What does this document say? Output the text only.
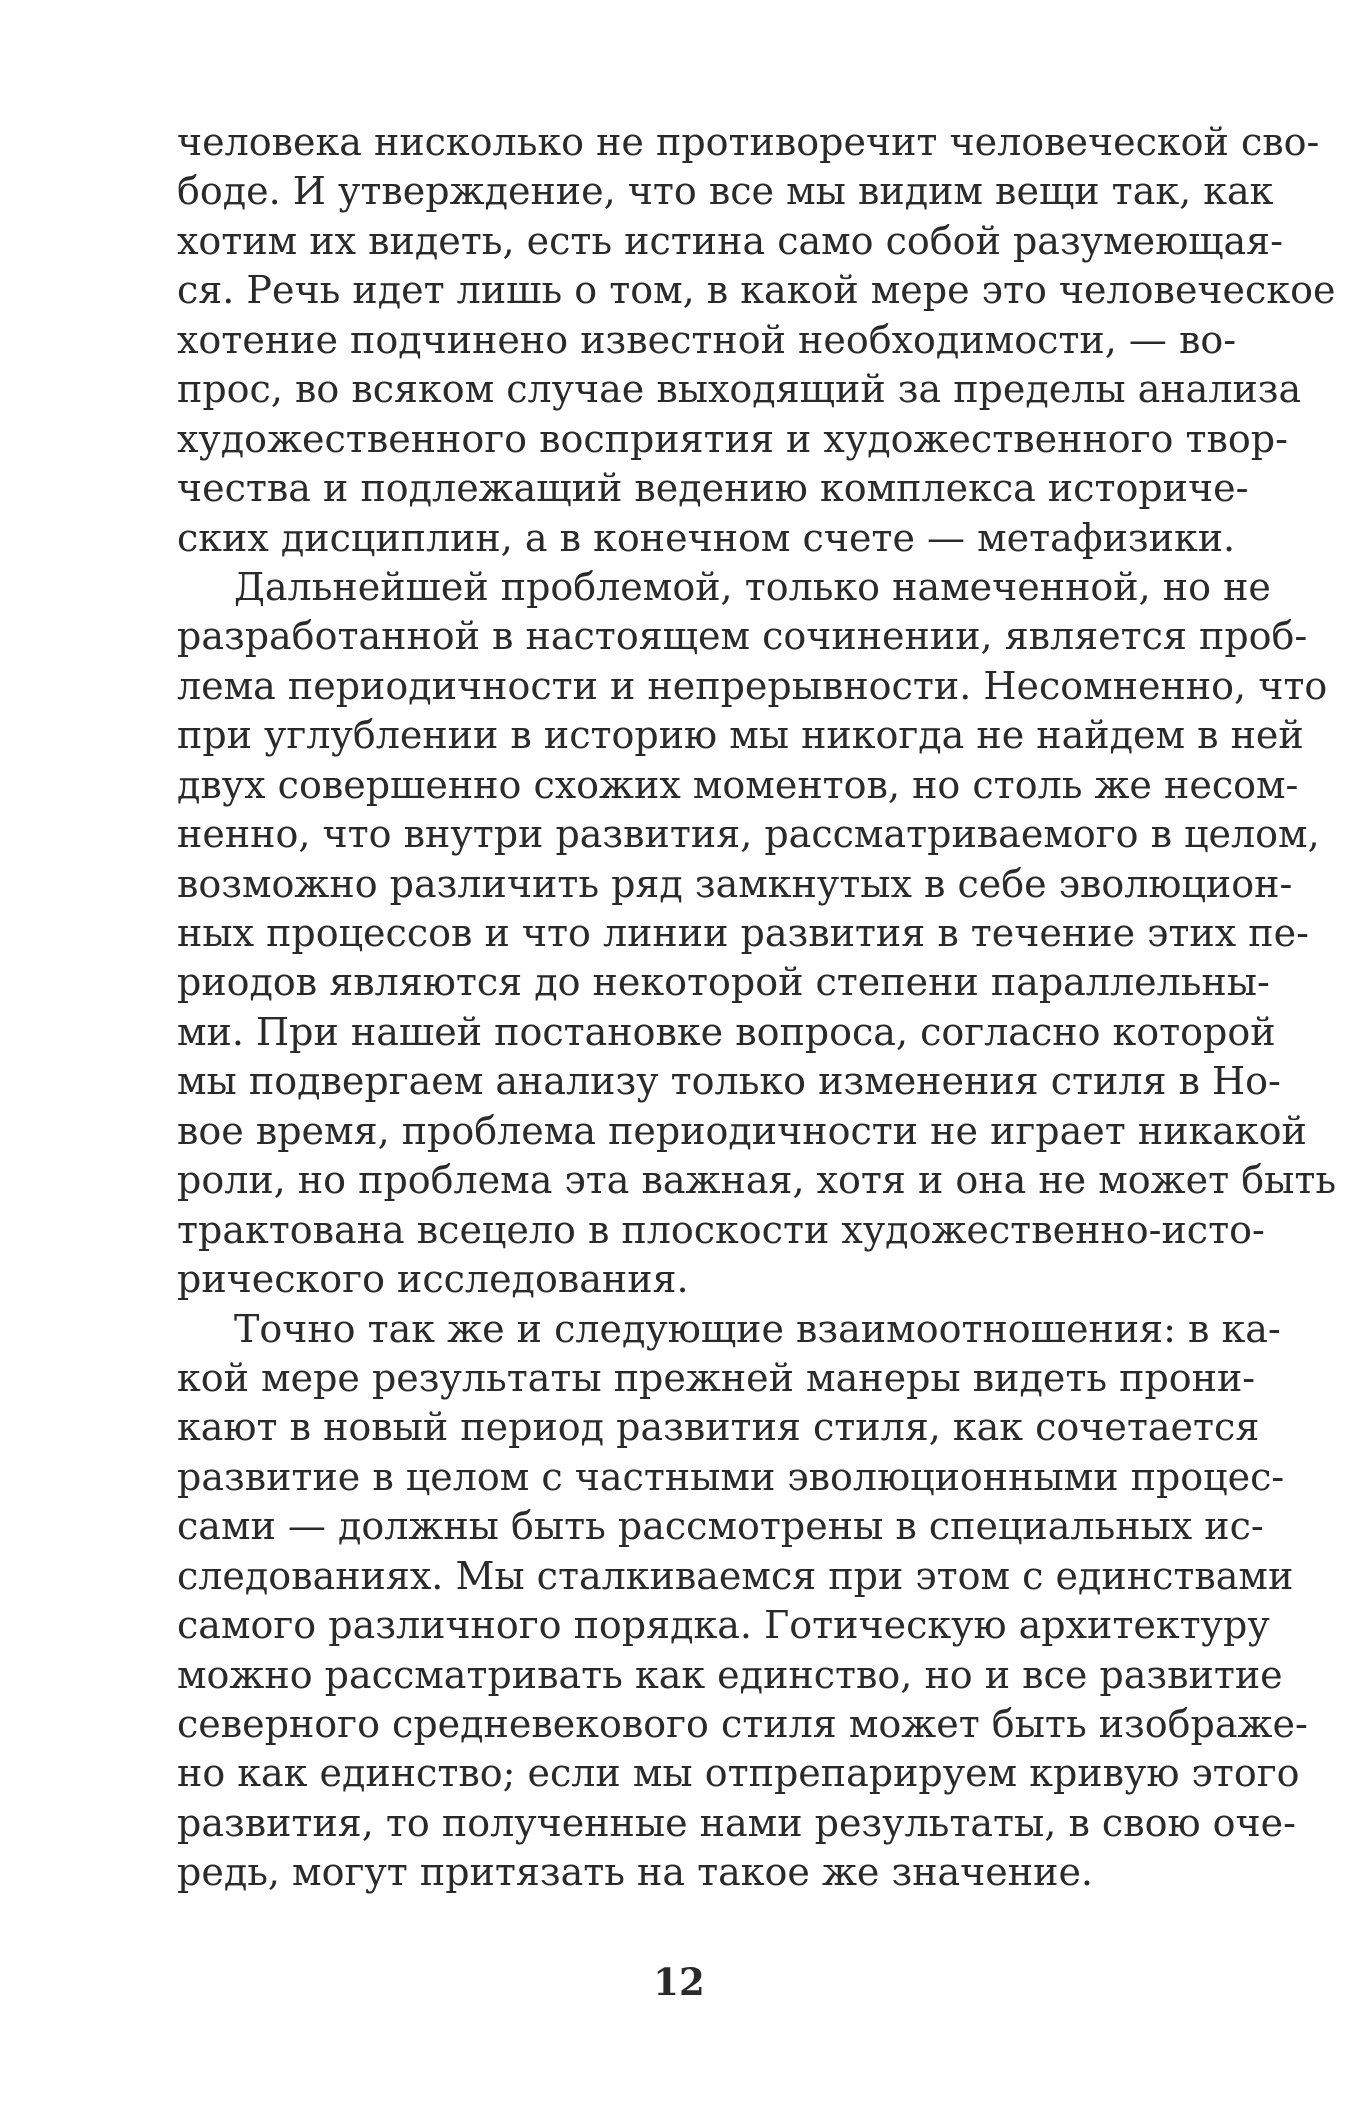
человека нисколько не противоречит человеческой сво-
боде. И утверждение, что все мы видим вещи так, как
хотим их видеть, есть истина само собой разумеющая-
ся. Речь идет лишь о том, в какой мере это человеческое
хотение подчинено известной необходимости, — во-
прос, во всяком случае выходящий за пределы анализа
художественного восприятия и художественного твор-
чества и подлежащий ведению комплекса историче-
ских дисциплин, а в конечном счете — метафизики.
Дальнейшей проблемой, только намеченной, но не
разработанной в настоящем сочинении, является проб-
лема периодичности и непрерывности. Несомненно, что
при углублении в историю мы никогда не найдем в ней
двух совершенно схожих моментов, но столь же несом-
ненно, что внутри развития, рассматриваемого в целом,
возможно различить ряд замкнутых в себе эволюцион-
ных процессов и что линии развития в течение этих пе-
риодов являются до некоторой степени параллельны-
ми. При нашей постановке вопроса, согласно которой
мы подвергаем анализу только изменения стиля в Но-
вое время, проблема периодичности не играет никакой
роли, но проблема эта важная, хотя и она не может быть
трактована всецело в плоскости художественно-исто-
рического исследования.
Точно так же и следующие взаимоотношения: в ка-
кой мере результаты прежней манеры видеть прони-
кают в новый период развития стиля, как сочетается
развитие в целом с частными эволюционными процес-
сами — должны быть рассмотрены в специальных ис-
следованиях. Мы сталкиваемся при этом с единствами
самого различного порядка. Готическую архитектуру
можно рассматривать как единство, но и все развитие
северного средневекового стиля может быть изображе-
но как единство; если мы отпрепарируем кривую этого
развития, то полученные нами результаты, в свою оче-
редь, могут притязать на такое же значение.
12
